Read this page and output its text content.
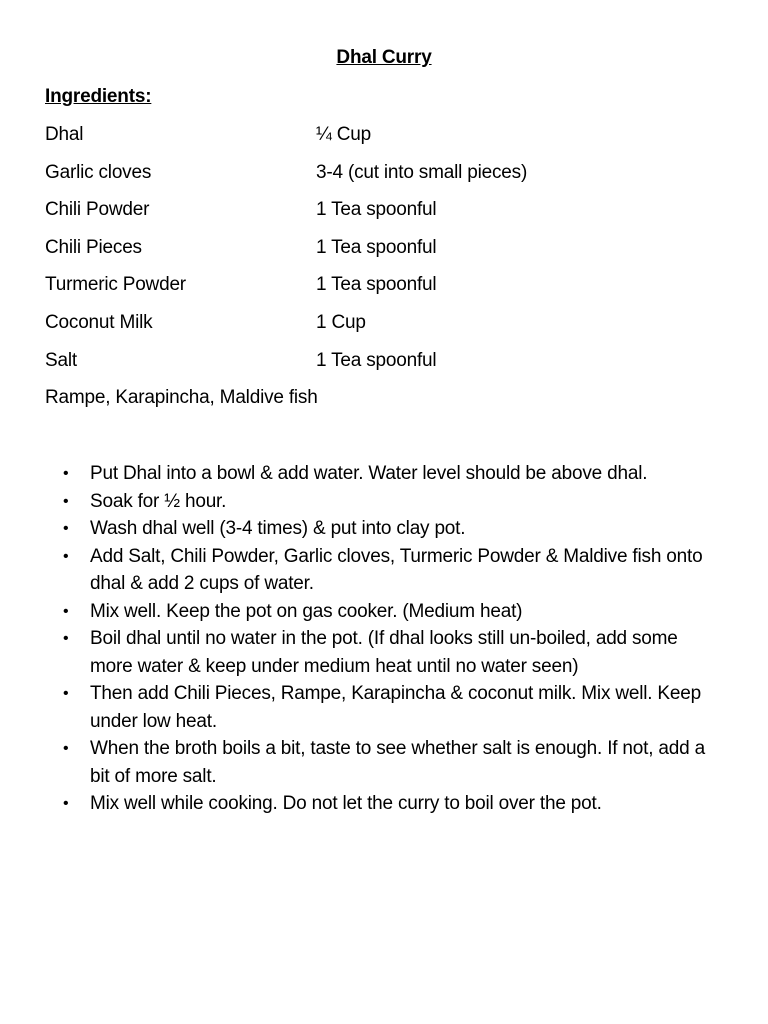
Dhal Curry
Ingredients:
Dhal	¼ Cup
Garlic cloves	3-4 (cut into small pieces)
Chili Powder	1 Tea spoonful
Chili Pieces	1 Tea spoonful
Turmeric Powder	1 Tea spoonful
Coconut Milk	1 Cup
Salt	1 Tea spoonful
Rampe, Karapincha, Maldive fish
• Put Dhal into a bowl & add water. Water level should be above dhal.
• Soak for ½ hour.
• Wash dhal well (3-4 times) & put into clay pot.
• Add Salt, Chili Powder, Garlic cloves, Turmeric Powder & Maldive fish onto dhal & add 2 cups of water.
• Mix well. Keep the pot on gas cooker. (Medium heat)
• Boil dhal until no water in the pot. (If dhal looks still un-boiled, add some more water & keep under medium heat until no water seen)
• Then add Chili Pieces, Rampe, Karapincha & coconut milk. Mix well. Keep under low heat.
• When the broth boils a bit, taste to see whether salt is enough. If not, add a bit of more salt.
• Mix well while cooking. Do not let the curry to boil over the pot.
